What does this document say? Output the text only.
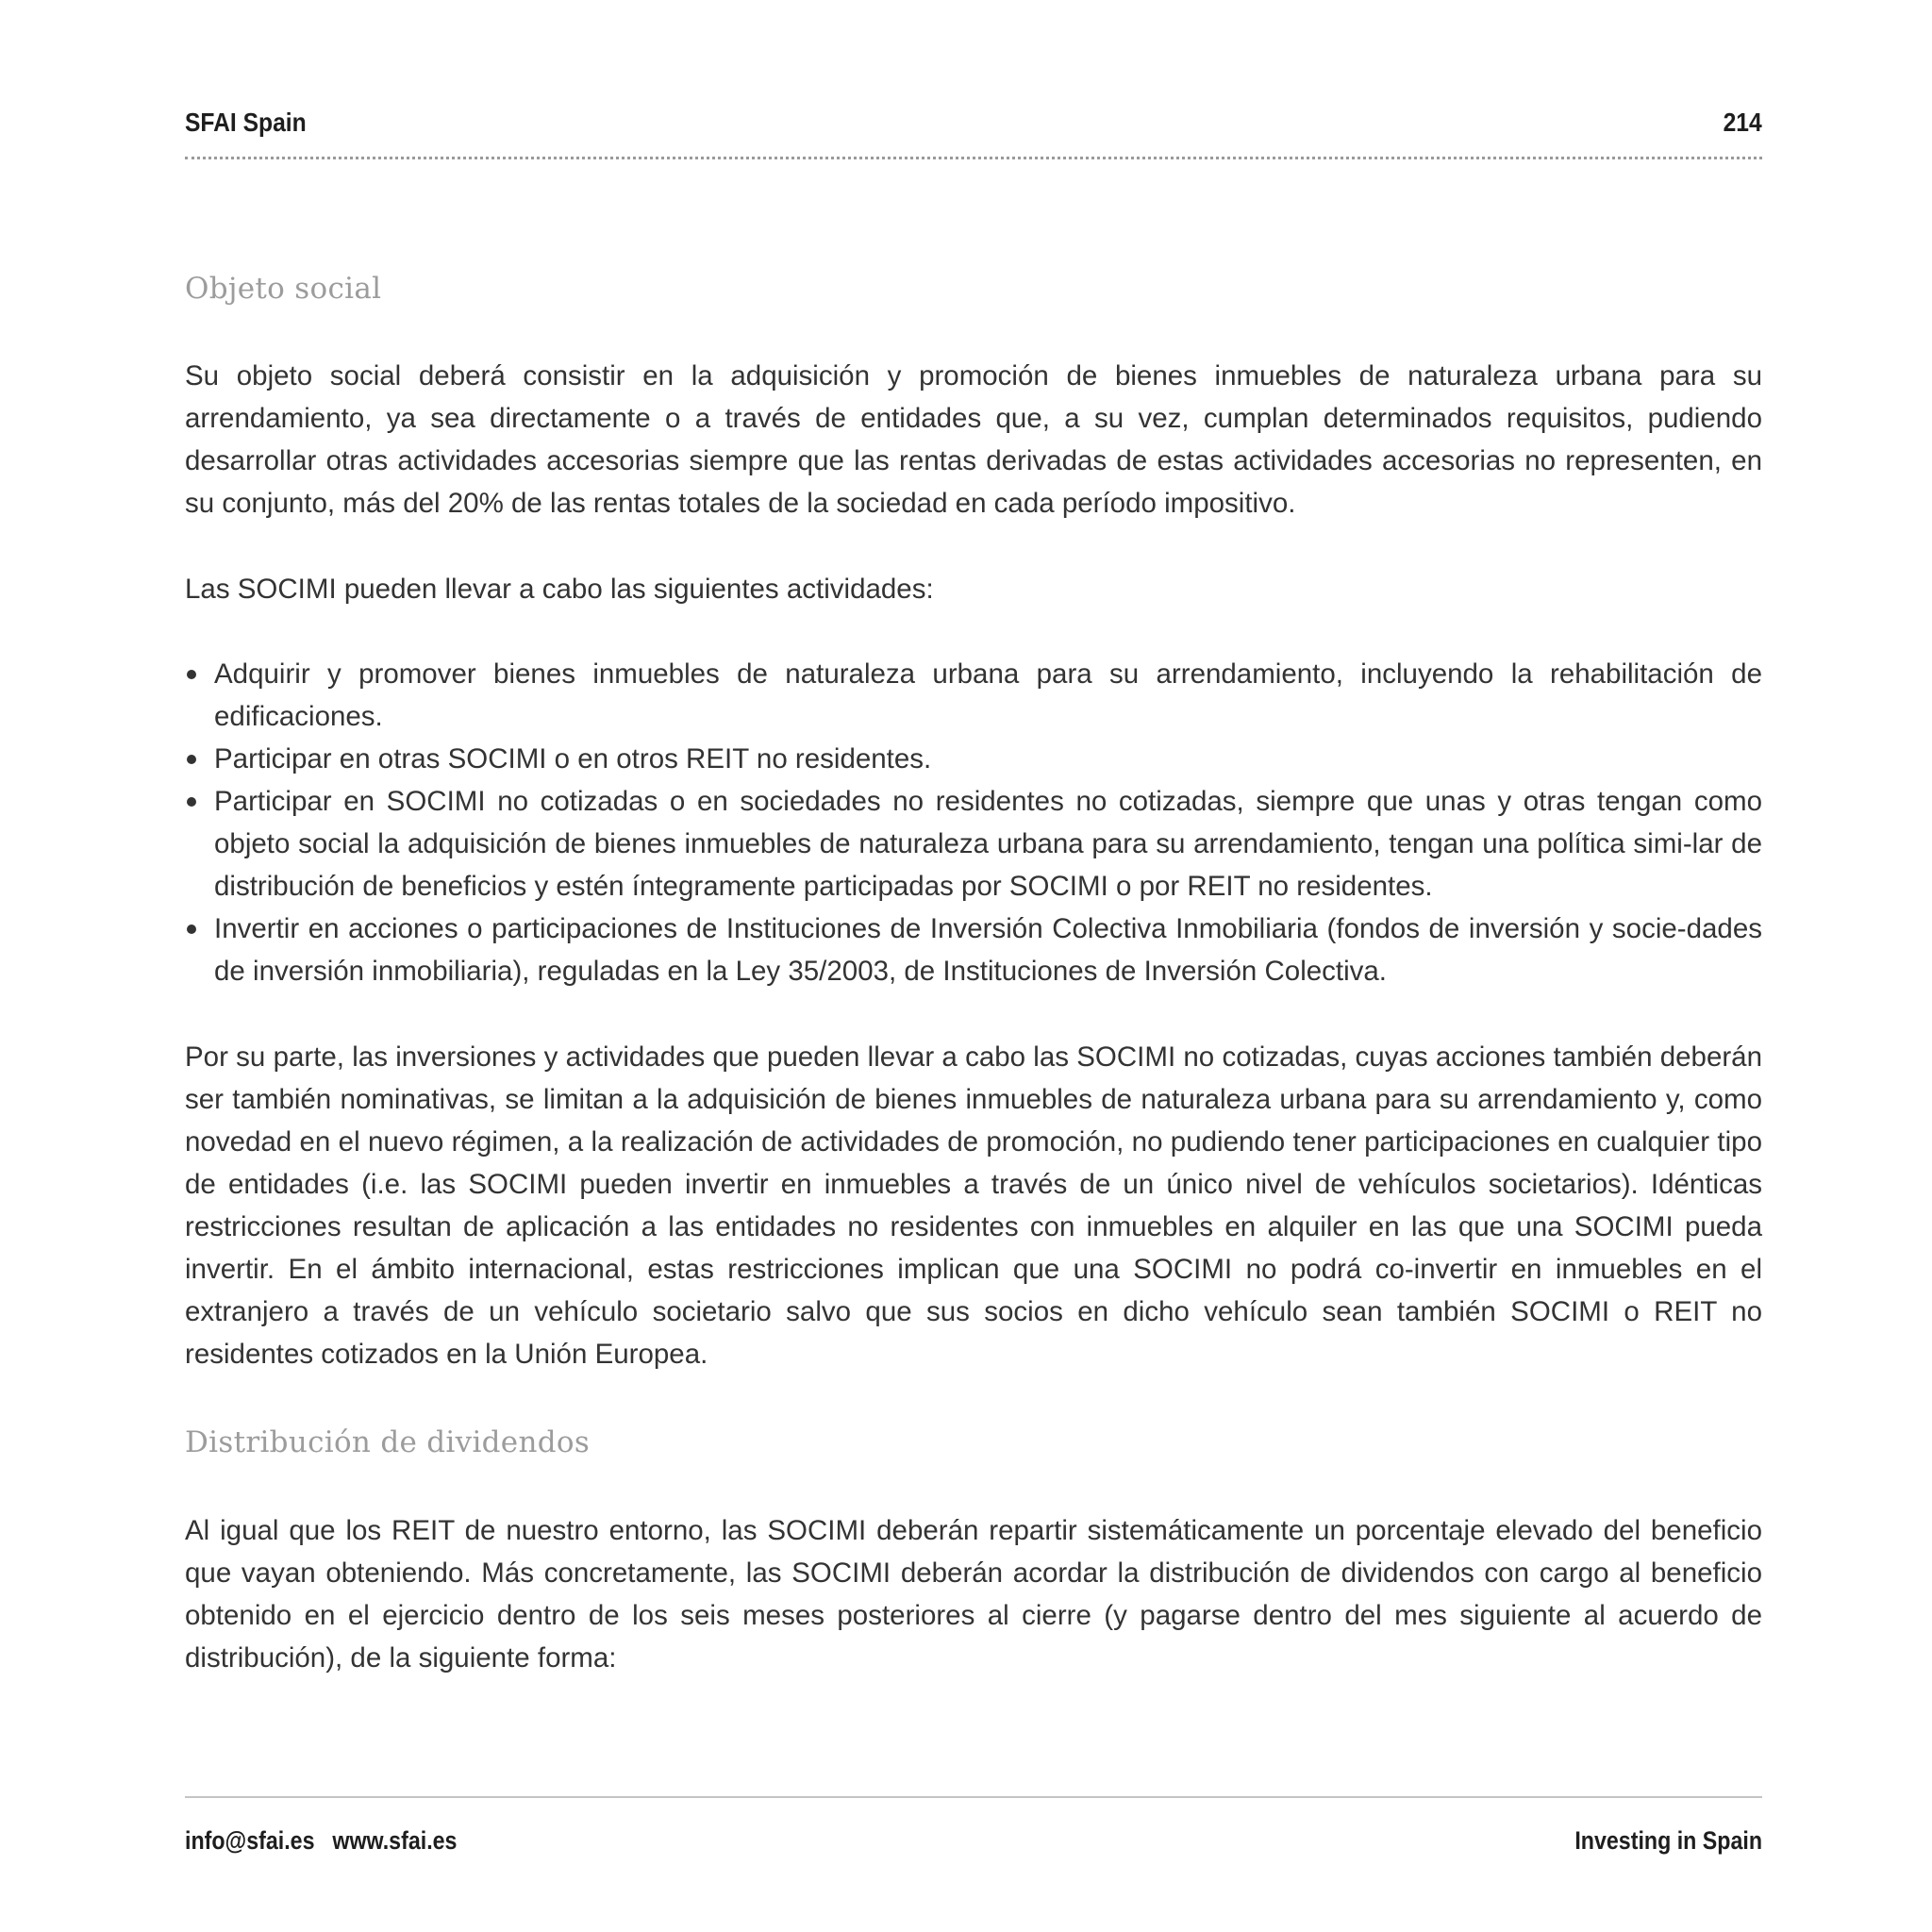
SFAI Spain	214
Objeto social

Su objeto social deberá consistir en la adquisición y promoción de bienes inmuebles de naturaleza urbana para su arrendamiento, ya sea directamente o a través de entidades que, a su vez, cumplan determinados requisitos, pudiendo desarrollar otras actividades accesorias siempre que las rentas derivadas de estas actividades accesorias no representen, en su conjunto, más del 20% de las rentas totales de la sociedad en cada período impositivo.

Las SOCIMI pueden llevar a cabo las siguientes actividades:

Adquirir y promover bienes inmuebles de naturaleza urbana para su arrendamiento, incluyendo la rehabilitación de edificaciones.
Participar en otras SOCIMI o en otros REIT no residentes.
Participar en SOCIMI no cotizadas o en sociedades no residentes no cotizadas, siempre que unas y otras tengan como objeto social la adquisición de bienes inmuebles de naturaleza urbana para su arrendamiento, tengan una política simi-lar de distribución de beneficios y estén íntegramente participadas por SOCIMI o por REIT no residentes.
Invertir en acciones o participaciones de Instituciones de Inversión Colectiva Inmobiliaria (fondos de inversión y socie-dades de inversión inmobiliaria), reguladas en la Ley 35/2003, de Instituciones de Inversión Colectiva.

Por su parte, las inversiones y actividades que pueden llevar a cabo las SOCIMI no cotizadas, cuyas acciones también deberán ser también nominativas, se limitan a la adquisición de bienes inmuebles de naturaleza urbana para su arrendamiento y, como novedad en el nuevo régimen, a la realización de actividades de promoción, no pudiendo tener participaciones en cualquier tipo de entidades (i.e. las SOCIMI pueden invertir en inmuebles a través de un único nivel de vehículos societarios). Idénticas restricciones resultan de aplicación a las entidades no residentes con inmuebles en alquiler en las que una SOCIMI pueda invertir. En el ámbito internacional, estas restricciones implican que una SOCIMI no podrá co-invertir en inmuebles en el extranjero a través de un vehículo societario salvo que sus socios en dicho vehículo sean también SOCIMI o REIT no residentes cotizados en la Unión Europea.

Distribución de dividendos

Al igual que los REIT de nuestro entorno, las SOCIMI deberán repartir sistemáticamente un porcentaje elevado del beneficio que vayan obteniendo. Más concretamente, las SOCIMI deberán acordar la distribución de dividendos con cargo al beneficio obtenido en el ejercicio dentro de los seis meses posteriores al cierre (y pagarse dentro del mes siguiente al acuerdo de distribución), de la siguiente forma:

info@sfai.es www.sfai.es	Investing in Spain
